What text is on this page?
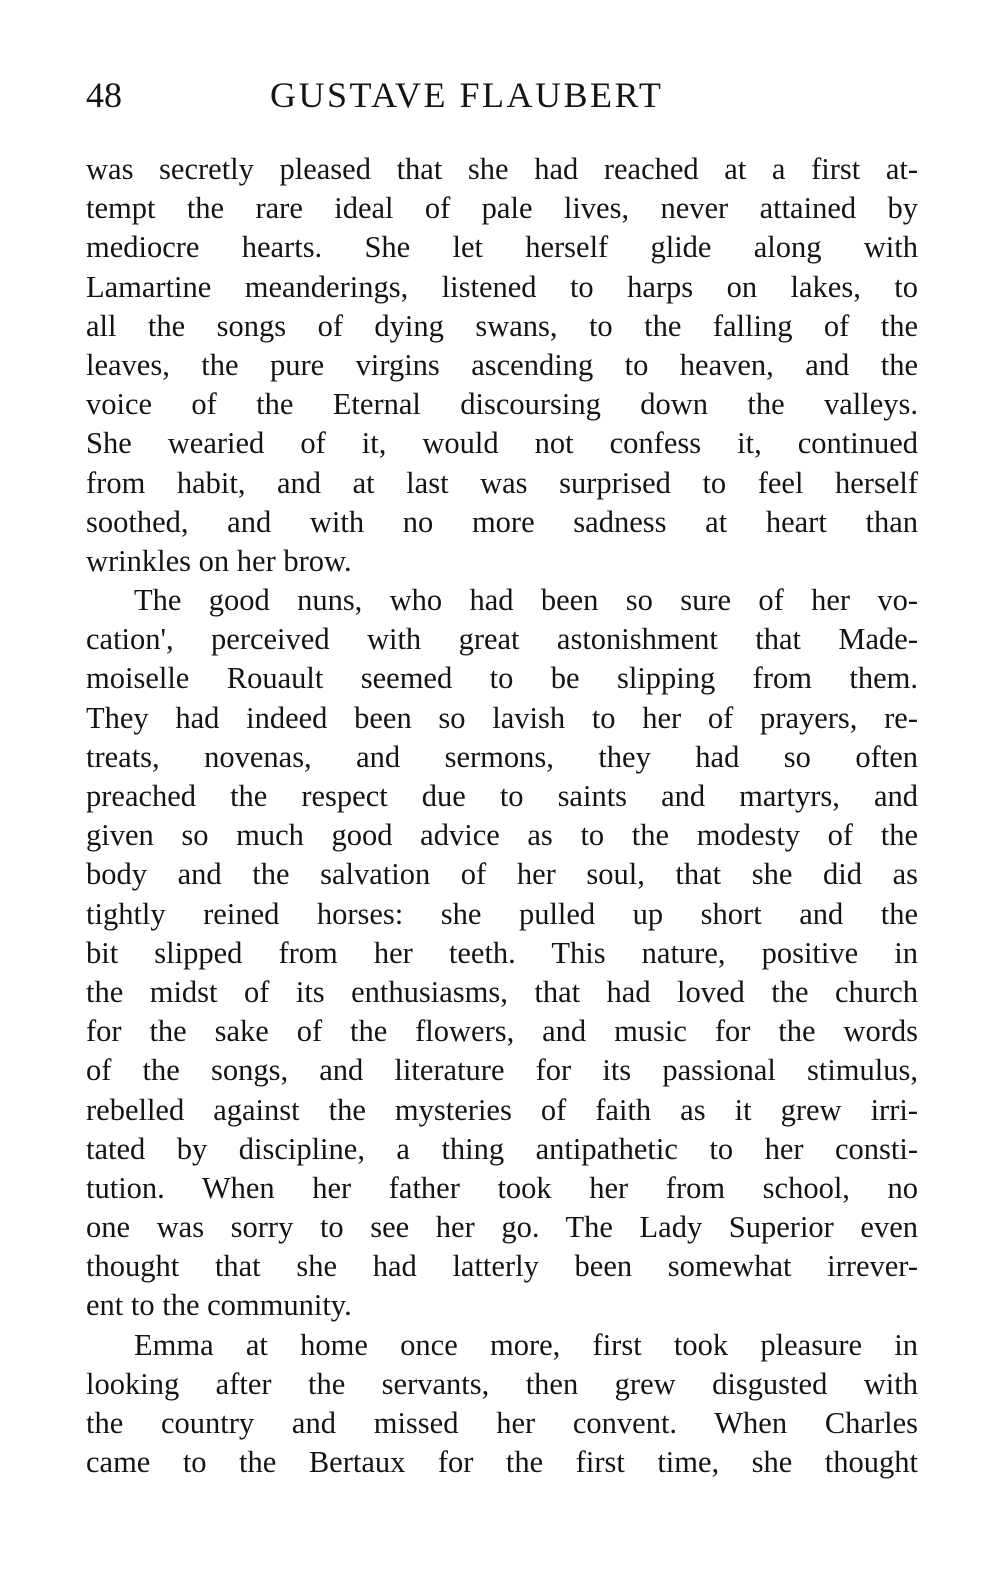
48	GUSTAVE FLAUBERT
was secretly pleased that she had reached at a first at-
tempt the rare ideal of pale lives, never attained by
mediocre hearts. She let herself glide along with
Lamartine meanderings, listened to harps on lakes, to
all the songs of dying swans, to the falling of the
leaves, the pure virgins ascending to heaven, and the
voice of the Eternal discoursing down the valleys.
She wearied of it, would not confess it, continued
from habit, and at last was surprised to feel herself
soothed, and with no more sadness at heart than
wrinkles on her brow.
The good nuns, who had been so sure of her vo-
cation', perceived with great astonishment that Made-
moiselle Rouault seemed to be slipping from them.
They had indeed been so lavish to her of prayers, re-
treats, novenas, and sermons, they had so often
preached the respect due to saints and martyrs, and
given so much good advice as to the modesty of the
body and the salvation of her soul, that she did as
tightly reined horses: she pulled up short and the
bit slipped from her teeth. This nature, positive in
the midst of its enthusiasms, that had loved the church
for the sake of the flowers, and music for the words
of the songs, and literature for its passional stimulus,
rebelled against the mysteries of faith as it grew irri-
tated by discipline, a thing antipathetic to her consti-
tution. When her father took her from school, no
one was sorry to see her go. The Lady Superior even
thought that she had latterly been somewhat irrever-
ent to the community.
Emma at home once more, first took pleasure in
looking after the servants, then grew disgusted with
the country and missed her convent. When Charles
came to the Bertaux for the first time, she thought
